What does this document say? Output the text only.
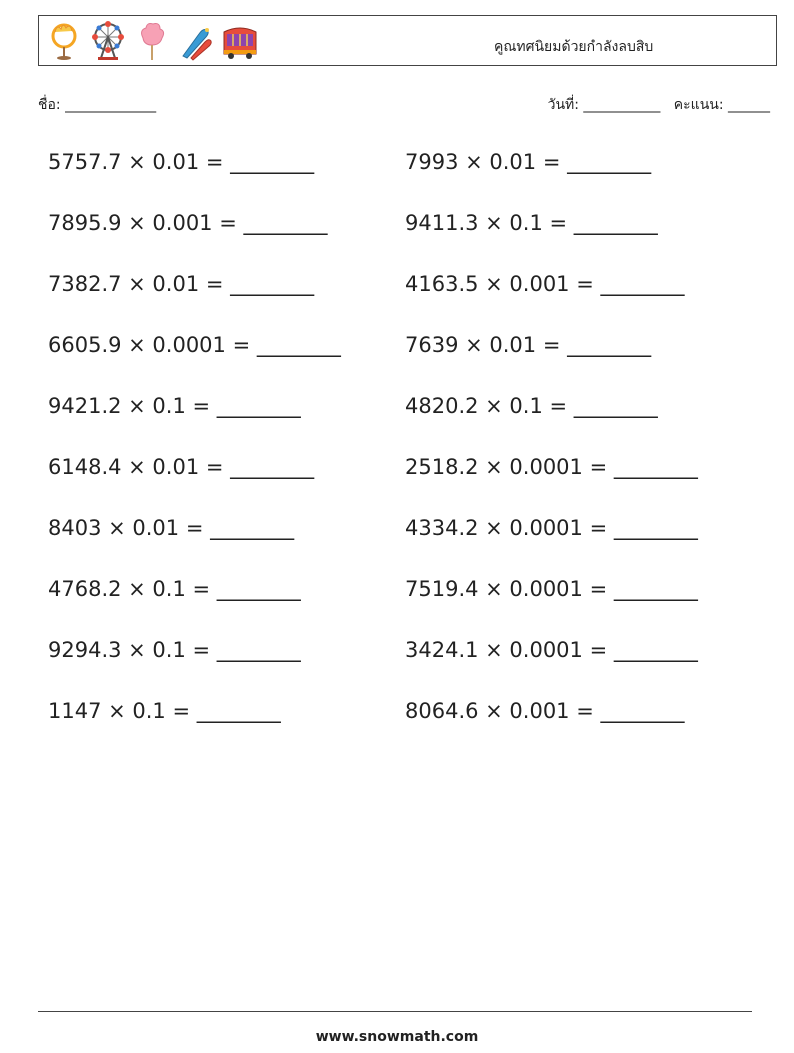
คูณทศนิยมด้วยกำลังลบสิบ
ชื่อ: _____________	วันที่: ___________ คะแนน: ______
5757.7 × 0.01 = ________	7993 × 0.01 = ________
7895.9 × 0.001 = ________	9411.3 × 0.1 = ________
7382.7 × 0.01 = ________	4163.5 × 0.001 = ________
6605.9 × 0.0001 = ________	7639 × 0.01 = ________
9421.2 × 0.1 = ________	4820.2 × 0.1 = ________
6148.4 × 0.01 = ________	2518.2 × 0.0001 = ________
8403 × 0.01 = ________	4334.2 × 0.0001 = ________
4768.2 × 0.1 = ________	7519.4 × 0.0001 = ________
9294.3 × 0.1 = ________	3424.1 × 0.0001 = ________
1147 × 0.1 = ________	8064.6 × 0.001 = ________
www.snowmath.com
